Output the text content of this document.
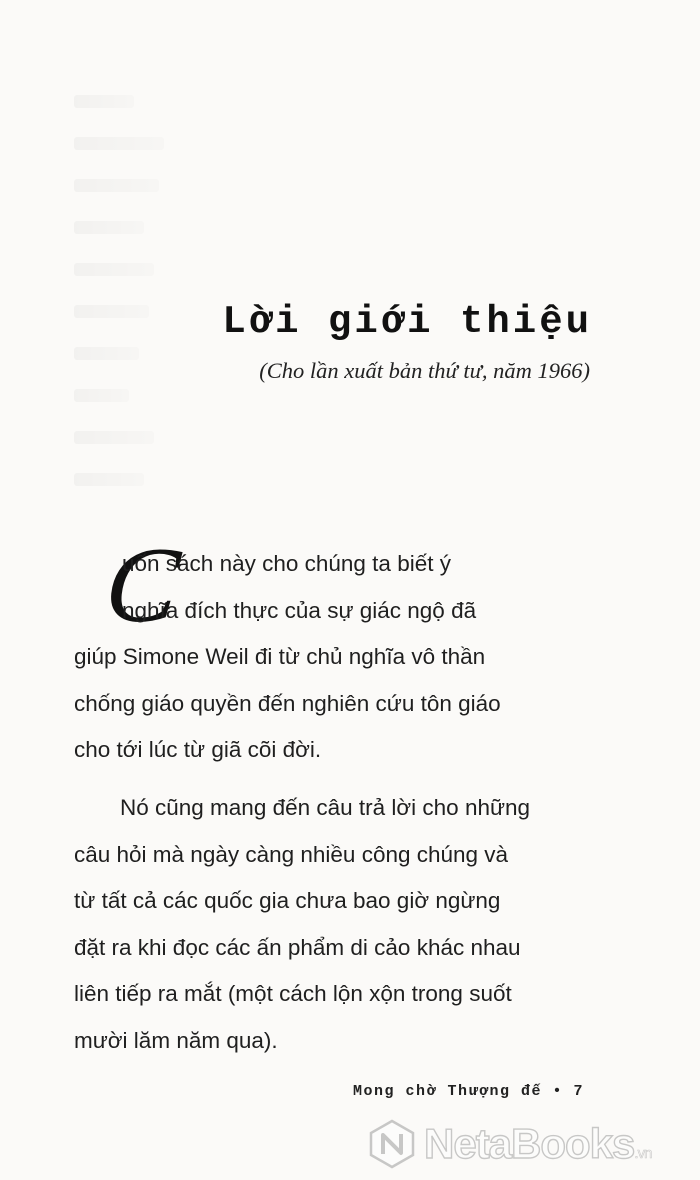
Lời giới thiệu
(Cho lần xuất bản thứ tư, năm 1966)
C

uốn sách này cho chúng ta biết ý
nghĩa đích thực của sự giác ngộ đã
giúp Simone Weil đi từ chủ nghĩa vô thần
chống giáo quyền đến nghiên cứu tôn giáo
cho tới lúc từ giã cõi đời.

Nó cũng mang đến câu trả lời cho những
câu hỏi mà ngày càng nhiều công chúng và
từ tất cả các quốc gia chưa bao giờ ngừng
đặt ra khi đọc các ấn phẩm di cảo khác nhau
liên tiếp ra mắt (một cách lộn xộn trong suốt
mười lăm năm qua).

Mong chờ Thượng đế • 7
NetaBooks.vn
